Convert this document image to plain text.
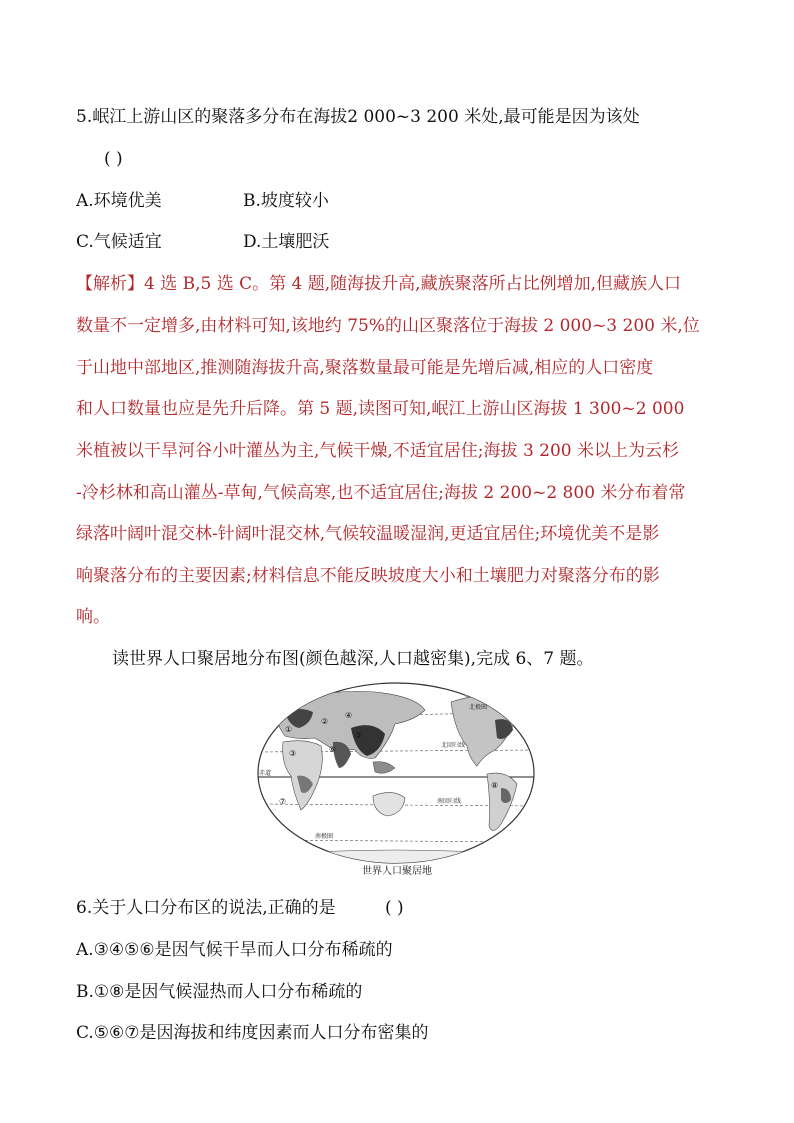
5.岷江上游山区的聚落多分布在海拔2 000~3 200 米处,最可能是因为该处
( )
A.环境优美	B.坡度较小
C.气候适宜	D.土壤肥沃
【解析】4 选 B,5 选 C。第 4 题,随海拔升高,藏族聚落所占比例增加,但藏族人口
数量不一定增多,由材料可知,该地约 75%的山区聚落位于海拔 2 000~3 200 米,位
于山地中部地区,推测随海拔升高,聚落数量最可能是先增后减,相应的人口密度
和人口数量也应是先升后降。第 5 题,读图可知,岷江上游山区海拔 1 300~2 000
米植被以干旱河谷小叶灌丛为主,气候干燥,不适宜居住;海拔 3 200 米以上为云杉
-冷杉林和高山灌丛-草甸,气候高寒,也不适宜居住;海拔 2 200~2 800 米分布着常
绿落叶阔叶混交林-针阔叶混交林,气候较温暖湿润,更适宜居住;环境优美不是影
响聚落分布的主要因素;材料信息不能反映坡度大小和土壤肥力对聚落分布的影
响。
读世界人口聚居地分布图(颜色越深,人口越密集),完成 6、7 题。
北极圈
北回归线
赤道
南回归线
南极圈
①
②
③
④
⑤
⑥
⑦
⑧
世界人口聚居地
6.关于人口分布区的说法,正确的是	( )
A.③④⑤⑥是因气候干旱而人口分布稀疏的
B.①⑧是因气候湿热而人口分布稀疏的
C.⑤⑥⑦是因海拔和纬度因素而人口分布密集的
